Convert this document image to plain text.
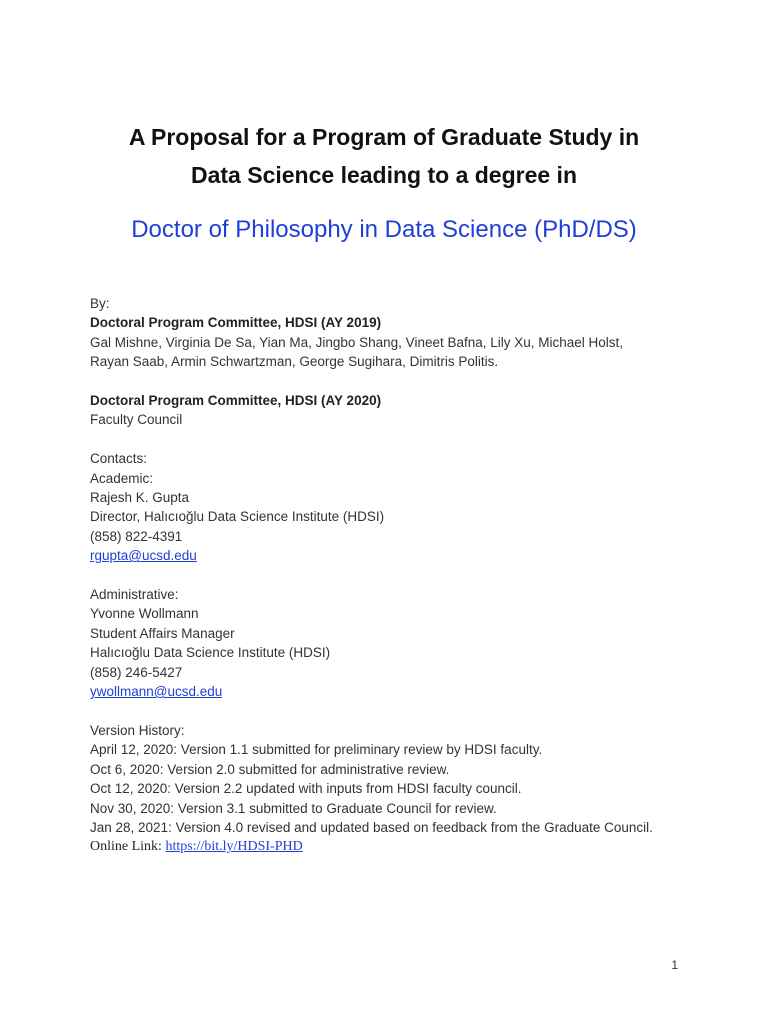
A Proposal for a Program of Graduate Study in
Data Science leading to a degree in
Doctor of Philosophy in Data Science (PhD/DS)

By:

Doctoral Program Committee, HDSI (AY 2019)

Gal Mishne, Virginia De Sa, Yian Ma, Jingbo Shang, Vineet Bafna, Lily Xu, Michael Holst,

Rayan Saab, Armin Schwartzman, George Sugihara, Dimitris Politis.

Doctoral Program Committee, HDSI (AY 2020)

Faculty Council

Contacts:

Academic:

Rajesh K. Gupta

Director, Halıcıoğlu Data Science Institute (HDSI)

(858) 822-4391

rgupta@ucsd.edu

Administrative:

Yvonne Wollmann

Student Affairs Manager

Halıcıoğlu Data Science Institute (HDSI)

(858) 246-5427

ywollmann@ucsd.edu

Version History:

April 12, 2020: Version 1.1 submitted for preliminary review by HDSI faculty.

Oct 6, 2020: Version 2.0 submitted for administrative review.

Oct 12, 2020: Version 2.2 updated with inputs from HDSI faculty council.

Nov 30, 2020: Version 3.1 submitted to Graduate Council for review.

Jan 28, 2021: Version 4.0 revised and updated based on feedback from the Graduate Council.

Online Link: https://bit.ly/HDSI-PHD

1
